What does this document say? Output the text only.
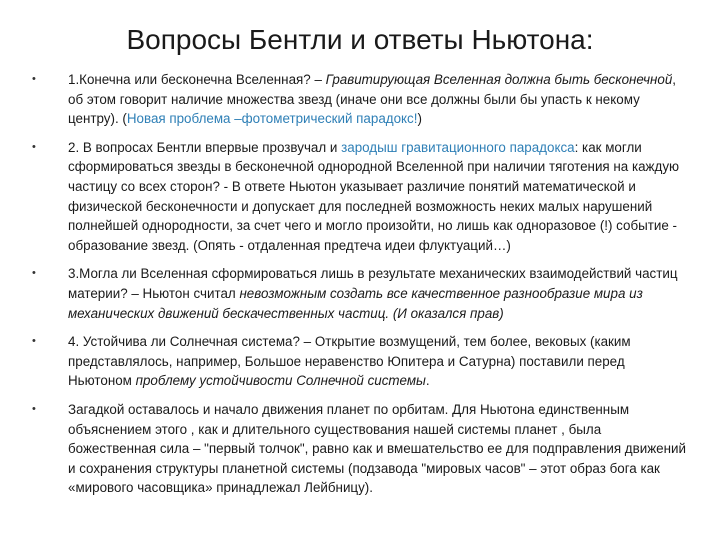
Вопросы Бентли и ответы Ньютона:
• 1.Конечна или бесконечна Вселенная? – Гравитирующая Вселенная должна быть бесконечной, об этом говорит наличие множества звезд (иначе они все должны были бы упасть к некому центру). (Новая проблема –фотометрический парадокс!)
• 2. В вопросах Бентли впервые прозвучал и зародыш гравитационного парадокса: как могли сформироваться звезды в бесконечной однородной Вселенной при наличии тяготения на каждую частицу со всех сторон? - В ответе Ньютон указывает различие понятий математической и физической бесконечности и допускает для последней возможность неких малых нарушений полнейшей однородности, за счет чего и могло произойти, но лишь как одноразовое (!) событие - образование звезд. (Опять - отдаленная предтеча идеи флуктуаций…)
• 3.Могла ли Вселенная сформироваться лишь в результате механических взаимодействий частиц материи? – Ньютон считал невозможным создать все качественное разнообразие мира из механических движений бескачественных частиц. (И оказался прав)
• 4. Устойчива ли Солнечная система? – Открытие возмущений, тем более, вековых (каким представлялось, например, Большое неравенство Юпитера и Сатурна) поставили перед Ньютоном проблему устойчивости Солнечной системы.
• Загадкой оставалось и начало движения планет по орбитам. Для Ньютона единственным объяснением этого , как и длительного существования нашей системы планет , была божественная сила – "первый толчок", равно как и вмешательство ее для подправления движений и сохранения структуры планетной системы (подзавода "мировых часов" – этот образ бога как «мирового часовщика» принадлежал Лейбницу).
